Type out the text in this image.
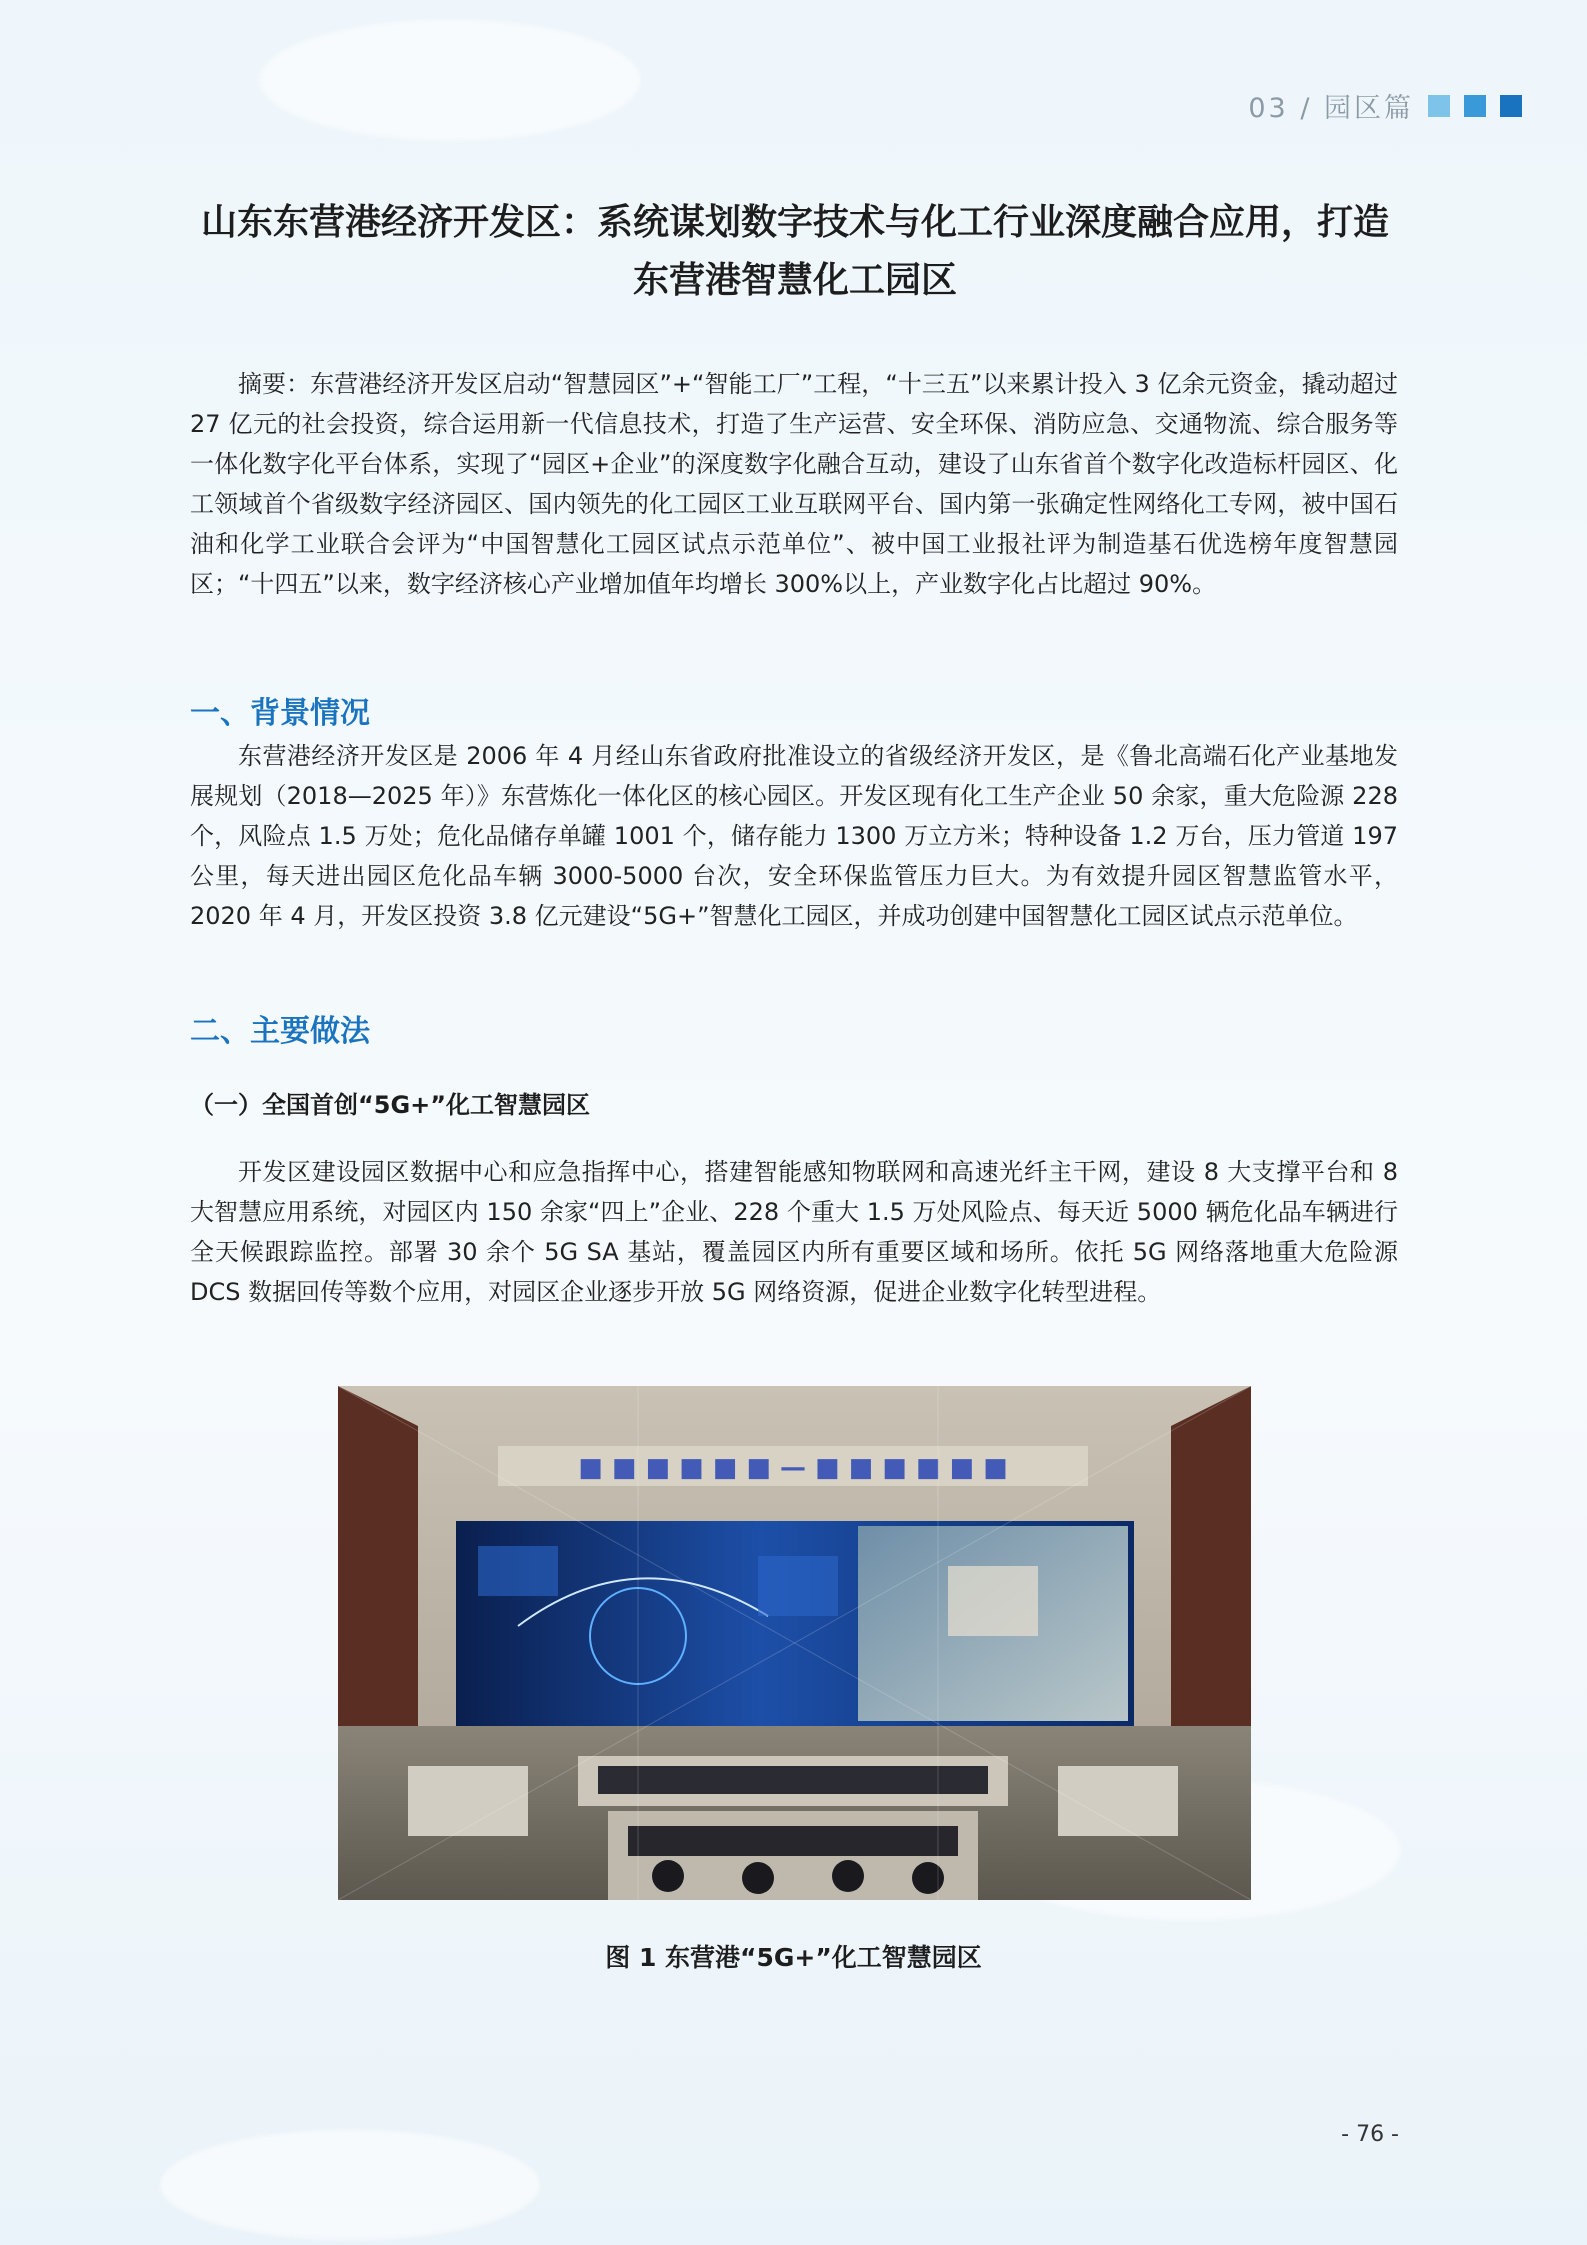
03 / 园区篇
山东东营港经济开发区：系统谋划数字技术与化工行业深度融合应用，打造东营港智慧化工园区
摘要：东营港经济开发区启动“智慧园区”+“智能工厂”工程，“十三五”以来累计投入 3 亿余元资金，撬动超过 27 亿元的社会投资，综合运用新一代信息技术，打造了生产运营、安全环保、消防应急、交通物流、综合服务等一体化数字化平台体系，实现了“园区+企业”的深度数字化融合互动，建设了山东省首个数字化改造标杆园区、化工领域首个省级数字经济园区、国内领先的化工园区工业互联网平台、国内第一张确定性网络化工专网，被中国石油和化学工业联合会评为“中国智慧化工园区试点示范单位”、被中国工业报社评为制造基石优选榜年度智慧园区；“十四五”以来，数字经济核心产业增加值年均增长 300%以上，产业数字化占比超过 90%。
一、背景情况
东营港经济开发区是 2006 年 4 月经山东省政府批准设立的省级经济开发区，是《鲁北高端石化产业基地发展规划（2018—2025 年）》东营炼化一体化区的核心园区。开发区现有化工生产企业 50 余家，重大危险源 228 个，风险点 1.5 万处；危化品储存单罐 1001 个，储存能力 1300 万立方米；特种设备 1.2 万台，压力管道 197 公里，每天进出园区危化品车辆 3000-5000 台次，安全环保监管压力巨大。为有效提升园区智慧监管水平，2020 年 4 月，开发区投资 3.8 亿元建设“5G+”智慧化工园区，并成功创建中国智慧化工园区试点示范单位。
二、主要做法
（一）全国首创“5G+”化工智慧园区
开发区建设园区数据中心和应急指挥中心，搭建智能感知物联网和高速光纤主干网，建设 8 大支撑平台和 8 大智慧应用系统，对园区内 150 余家“四上”企业、228 个重大 1.5 万处风险点、每天近 5000 辆危化品车辆进行全天候跟踪监控。部署 30 余个 5G SA 基站，覆盖园区内所有重要区域和场所。依托 5G 网络落地重大危险源 DCS 数据回传等数个应用，对园区企业逐步开放 5G 网络资源，促进企业数字化转型进程。
■ ■ ■ ■ ■ ■ — ■ ■ ■ ■ ■ ■
图 1 东营港“5G+”化工智慧园区
- 76 -
